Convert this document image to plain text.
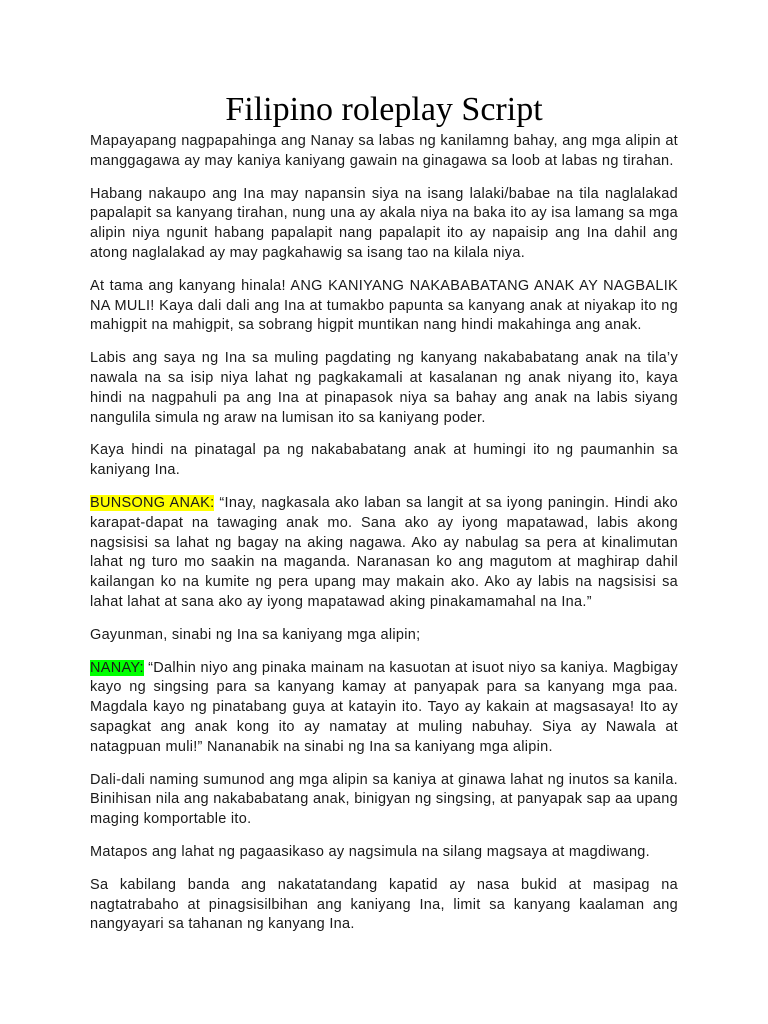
Filipino roleplay Script

Mapayapang nagpapahinga ang Nanay sa labas ng kanilamng bahay, ang mga alipin at manggagawa ay may kaniya kaniyang gawain na ginagawa sa loob at labas ng tirahan.

Habang nakaupo ang Ina may napansin siya na isang lalaki/babae na tila naglalakad papalapit sa kanyang tirahan, nung una ay akala niya na baka ito ay isa lamang sa mga alipin niya ngunit habang papalapit nang papalapit ito ay napaisip ang Ina dahil ang atong naglalakad ay may pagkahawig sa isang tao na kilala niya.

At tama ang kanyang hinala! ANG KANIYANG NAKABABATANG ANAK AY NAGBALIK NA MULI! Kaya dali dali ang Ina at tumakbo papunta sa kanyang anak at niyakap ito ng mahigpit na mahigpit, sa sobrang higpit muntikan nang hindi makahinga ang anak.

Labis ang saya ng Ina sa muling pagdating ng kanyang nakababatang anak na tila’y nawala na sa isip niya lahat ng pagkakamali at kasalanan ng anak niyang ito, kaya hindi na nagpahuli pa ang Ina at pinapasok niya sa bahay ang anak na labis siyang nangulila simula ng araw na lumisan ito sa kaniyang poder.

Kaya hindi na pinatagal pa ng nakababatang anak at humingi ito ng paumanhin sa kaniyang Ina.

BUNSONG ANAK: “Inay, nagkasala ako laban sa langit at sa iyong paningin. Hindi ako karapat-dapat na tawaging anak mo. Sana ako ay iyong mapatawad, labis akong nagsisisi sa lahat ng bagay na aking nagawa. Ako ay nabulag sa pera at kinalimutan lahat ng turo mo saakin na maganda. Naranasan ko ang magutom at maghirap dahil kailangan ko na kumite ng pera upang may makain ako. Ako ay labis na nagsisisi sa lahat lahat at sana ako ay iyong mapatawad aking pinakamamahal na Ina.”

Gayunman, sinabi ng Ina sa kaniyang mga alipin;

NANAY: “Dalhin niyo ang pinaka mainam na kasuotan at isuot niyo sa kaniya. Magbigay kayo ng singsing para sa kanyang kamay at panyapak para sa kanyang mga paa. Magdala kayo ng pinatabang guya at katayin ito. Tayo ay kakain at magsasaya! Ito ay sapagkat ang anak kong ito ay namatay at muling nabuhay. Siya ay Nawala at natagpuan muli!” Nananabik na sinabi ng Ina sa kaniyang mga alipin.

Dali-dali naming sumunod ang mga alipin sa kaniya at ginawa lahat ng inutos sa kanila. Binihisan nila ang nakababatang anak, binigyan ng singsing, at panyapak sap aa upang maging komportable ito.

Matapos ang lahat ng pagaasikaso ay nagsimula na silang magsaya at magdiwang.

Sa kabilang banda ang nakatatandang kapatid ay nasa bukid at masipag na nagtatrabaho at pinagsisilbihan ang kaniyang Ina, limit sa kanyang kaalaman ang nangyayari sa tahanan ng kanyang Ina.
